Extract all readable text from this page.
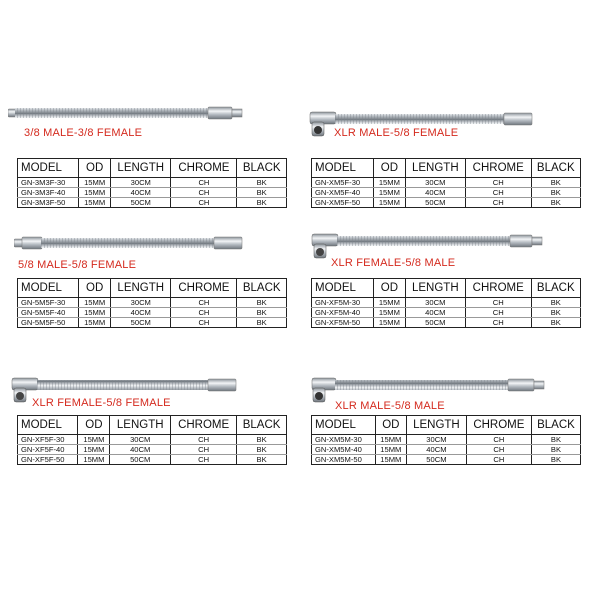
3/8 MALE-3/8 FEMALE
MODEL	OD	LENGTH	CHROME	BLACK
GN-3M3F-30	15MM	30CM	CH	BK
GN-3M3F-40	15MM	40CM	CH	BK
GN-3M3F-50	15MM	50CM	CH	BK
XLR MALE-5/8 FEMALE
MODEL	OD	LENGTH	CHROME	BLACK
GN-XM5F-30	15MM	30CM	CH	BK
GN-XM5F-40	15MM	40CM	CH	BK
GN-XM5F-50	15MM	50CM	CH	BK
5/8 MALE-5/8 FEMALE
MODEL	OD	LENGTH	CHROME	BLACK
GN-5M5F-30	15MM	30CM	CH	BK
GN-5M5F-40	15MM	40CM	CH	BK
GN-5M5F-50	15MM	50CM	CH	BK
XLR FEMALE-5/8 MALE
MODEL	OD	LENGTH	CHROME	BLACK
GN-XF5M-30	15MM	30CM	CH	BK
GN-XF5M-40	15MM	40CM	CH	BK
GN-XF5M-50	15MM	50CM	CH	BK
XLR FEMALE-5/8 FEMALE
MODEL	OD	LENGTH	CHROME	BLACK
GN-XF5F-30	15MM	30CM	CH	BK
GN-XF5F-40	15MM	40CM	CH	BK
GN-XF5F-50	15MM	50CM	CH	BK
XLR MALE-5/8 MALE
MODEL	OD	LENGTH	CHROME	BLACK
GN-XM5M-30	15MM	30CM	CH	BK
GN-XM5M-40	15MM	40CM	CH	BK
GN-XM5M-50	15MM	50CM	CH	BK
